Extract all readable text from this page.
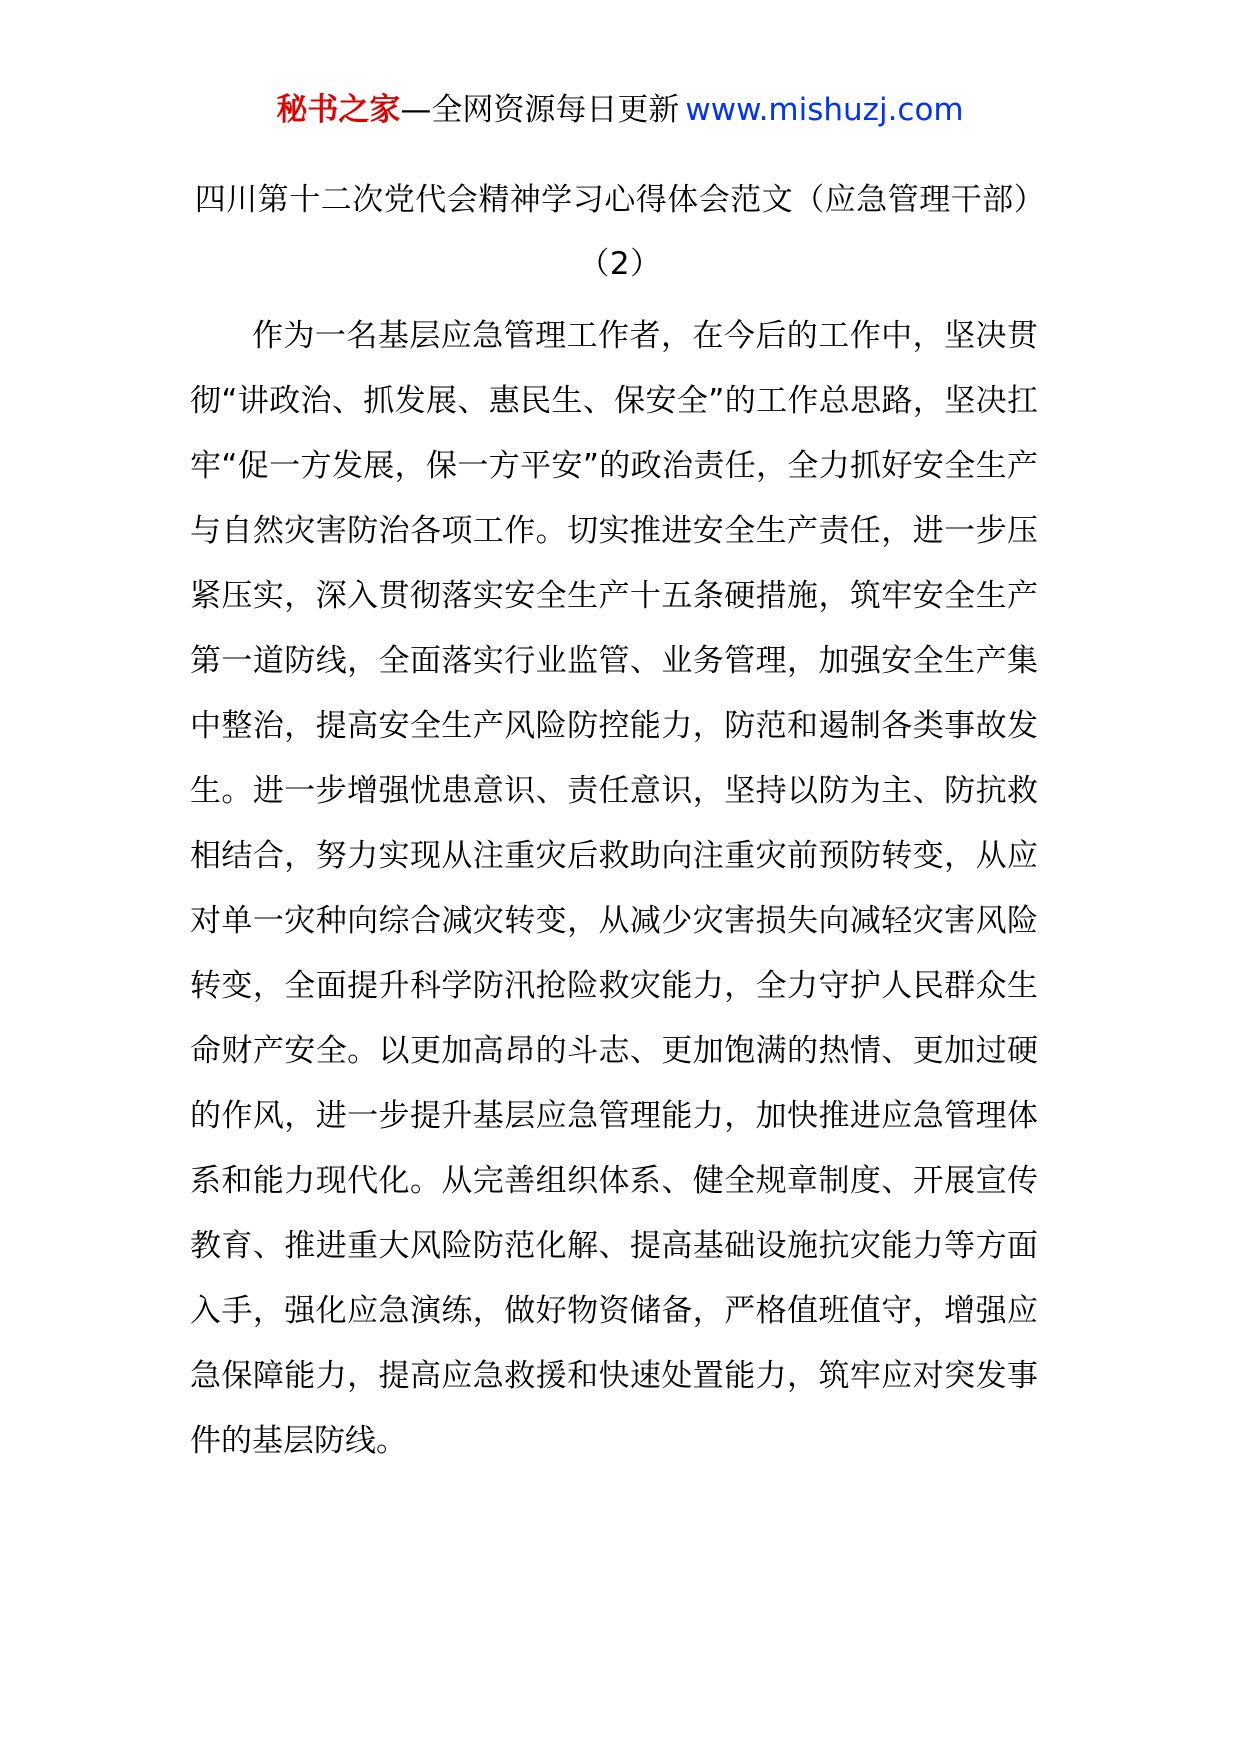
秘书之家—全网资源每日更新 www.mishuzj.com
四川第十二次党代会精神学习心得体会范文（应急管理干部）（2）

作为一名基层应急管理工作者，在今后的工作中，坚决贯彻“讲政治、抓发展、惠民生、保安全”的工作总思路，坚决扛牢“促一方发展，保一方平安”的政治责任，全力抓好安全生产与自然灾害防治各项工作。切实推进安全生产责任，进一步压紧压实，深入贯彻落实安全生产十五条硬措施，筑牢安全生产第一道防线，全面落实行业监管、业务管理，加强安全生产集中整治，提高安全生产风险防控能力，防范和遏制各类事故发生。进一步增强忧患意识、责任意识，坚持以防为主、防抗救相结合，努力实现从注重灾后救助向注重灾前预防转变，从应对单一灾种向综合减灾转变，从减少灾害损失向减轻灾害风险转变，全面提升科学防汛抢险救灾能力，全力守护人民群众生命财产安全。以更加高昂的斗志、更加饱满的热情、更加过硬的作风，进一步提升基层应急管理能力，加快推进应急管理体系和能力现代化。从完善组织体系、健全规章制度、开展宣传教育、推进重大风险防范化解、提高基础设施抗灾能力等方面入手，强化应急演练，做好物资储备，严格值班值守，增强应急保障能力，提高应急救援和快速处置能力，筑牢应对突发事件的基层防线。
